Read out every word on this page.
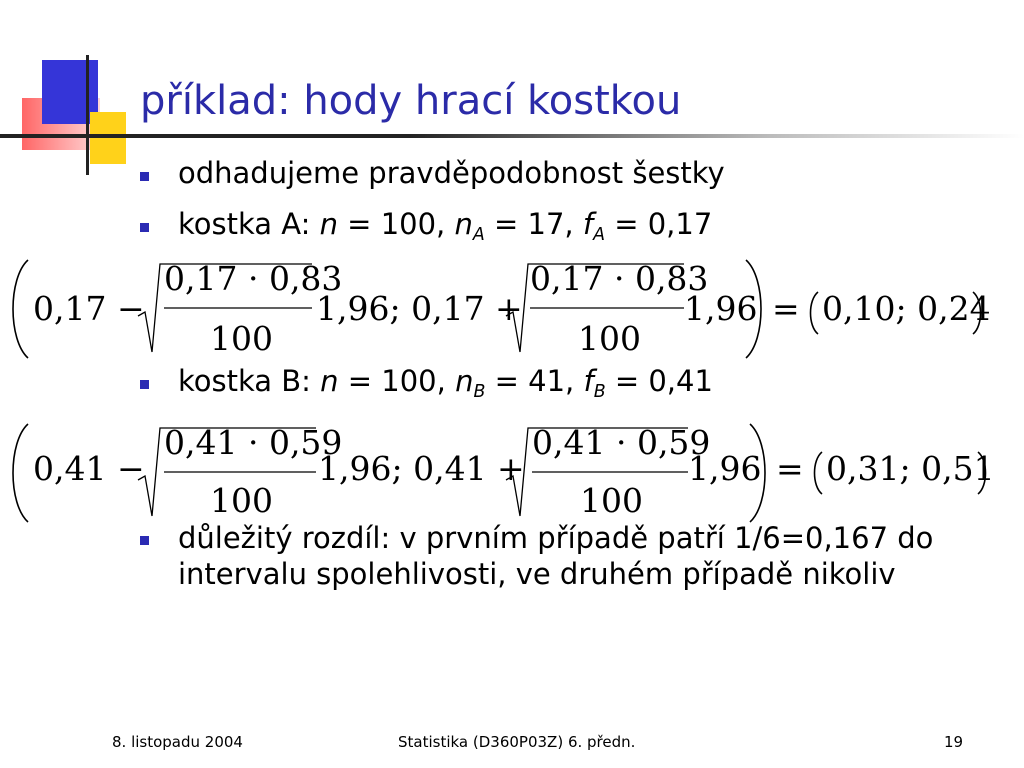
příklad: hody hrací kostkou
odhadujeme pravděpodobnost šestky
kostka A: n = 100, $n_A = 17$, $f_A = 0,17$
0,17 −
0,17 · 0,83
100
1,96; 0,17 +
0,17 · 0,83
100
1,96 = 0,10; 0,24
kostka B: n = 100, $n_B = 41$, $f_B = 0,41$
0,41 −
0,41 · 0,59
100
1,96; 0,41 +
0,41 · 0,59
100
1,96 = 0,31; 0,51
důležitý rozdíl: v prvním případě patří 1/6=0,167 do intervalu spolehlivosti, ve druhém případě nikoliv
8. listopadu 2004	Statistika (D360P03Z) 6. předn.	19
